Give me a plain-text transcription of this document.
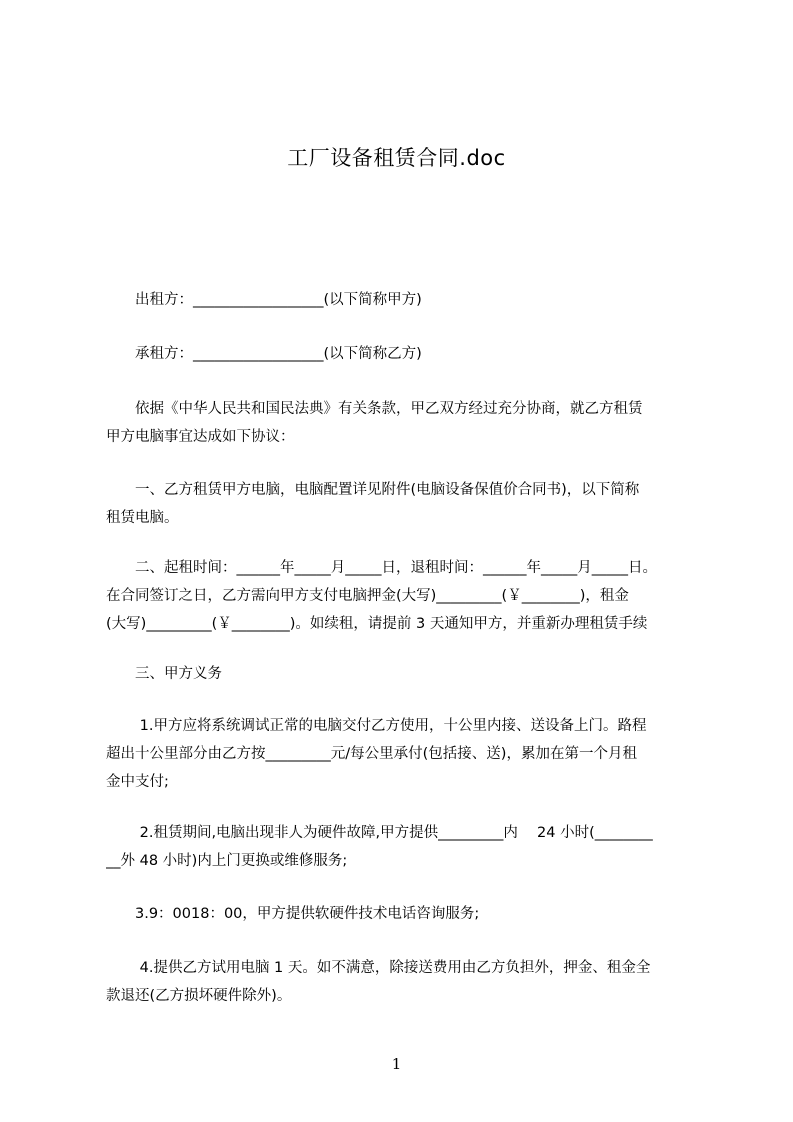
工厂设备租赁合同.doc
　　出租方：__________________(以下简称甲方)
　　承租方：__________________(以下简称乙方)
　　依据《中华人民共和国民法典》有关条款，甲乙双方经过充分协商，就乙方租赁
甲方电脑事宜达成如下协议：
　　一、乙方租赁甲方电脑，电脑配置详见附件(电脑设备保值价合同书)，以下简称
租赁电脑。
　　二、起租时间：______年_____月_____日，退租时间：______年_____月_____日。
在合同签订之日，乙方需向甲方支付电脑押金(大写)_________(￥________)，租金
(大写)_________(￥________)。如续租，请提前 3 天通知甲方，并重新办理租赁手续
　　三、甲方义务
　　 1.甲方应将系统调试正常的电脑交付乙方使用，十公里内接、送设备上门。路程
超出十公里部分由乙方按_________元/每公里承付(包括接、送)，累加在第一个月租
金中支付;
　　 2.租赁期间,电脑出现非人为硬件故障,甲方提供_________内　 24 小时(________
__外 48 小时)内上门更换或维修服务;
　　3.9：0018：00，甲方提供软硬件技术电话咨询服务;
　　 4.提供乙方试用电脑 1 天。如不满意，除接送费用由乙方负担外，押金、租金全
款退还(乙方损坏硬件除外)。
1
